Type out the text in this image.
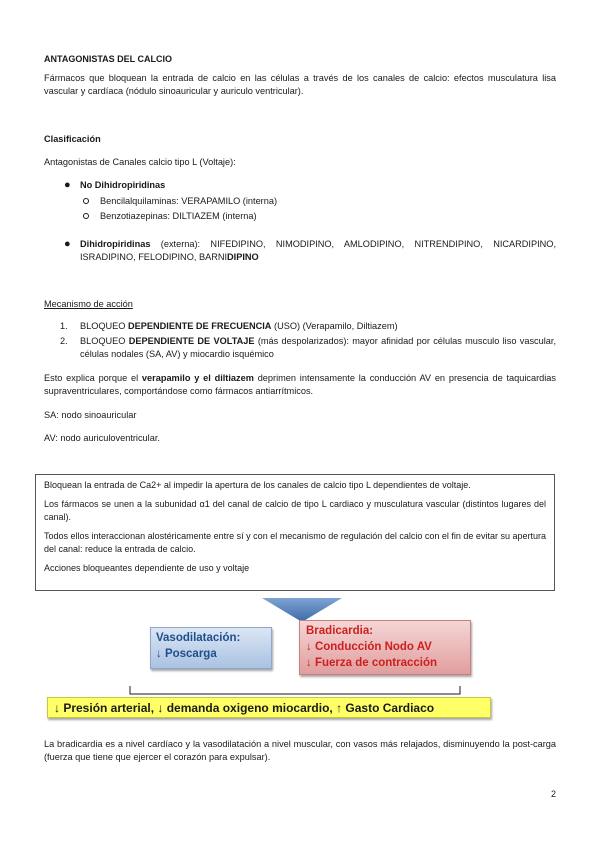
ANTAGONISTAS DEL CALCIO
Fármacos que bloquean la entrada de calcio en las células a través de los canales de calcio: efectos musculatura lisa vascular y cardíaca (nódulo sinoauricular y auriculo ventricular).
Clasificación
Antagonistas de Canales calcio tipo L (Voltaje):
● No Dihidropiridinas
Bencilalquilaminas: VERAPAMILO (interna)
Benzotiazepinas: DILTIAZEM (interna)
● Dihidropiridinas (externa): NIFEDIPINO, NIMODIPINO, AMLODIPINO, NITRENDIPINO, NICARDIPINO, ISRADIPINO, FELODIPINO, BARNIDIPINO
Mecanismo de acción
1. BLOQUEO DEPENDIENTE DE FRECUENCIA (USO) (Verapamilo, Diltiazem)
2. BLOQUEO DEPENDIENTE DE VOLTAJE (más despolarizados): mayor afinidad por células musculo liso vascular, células nodales (SA, AV) y miocardio isquémico
Esto explica porque el verapamilo y el diltiazem deprimen intensamente la conducción AV en presencia de taquicardias supraventriculares, comportándose como fármacos antiarrítmicos.
SA: nodo sinoauricular
AV: nodo auriculoventricular.

Bloquean la entrada de Ca2+ al impedir la apertura de los canales de calcio tipo L dependientes de voltaje.

Los fármacos se unen a la subunidad α1 del canal de calcio de tipo L cardiaco y musculatura vascular (distintos lugares del canal).

Todos ellos interaccionan alostéricamente entre sí y con el mecanismo de regulación del calcio con el fin de evitar su apertura del canal: reduce la entrada de calcio.

Acciones bloqueantes dependiente de uso y voltaje

Vasodilatación:
↓ Poscarga
Bradicardia:
↓ Conducción Nodo AV
↓ Fuerza de contracción
↓ Presión arterial, ↓ demanda oxigeno miocardio, ↑ Gasto Cardiaco
La bradicardia es a nivel cardíaco y la vasodilatación a nivel muscular, con vasos más relajados, disminuyendo la post-carga (fuerza que tiene que ejercer el corazón para expulsar).
2
